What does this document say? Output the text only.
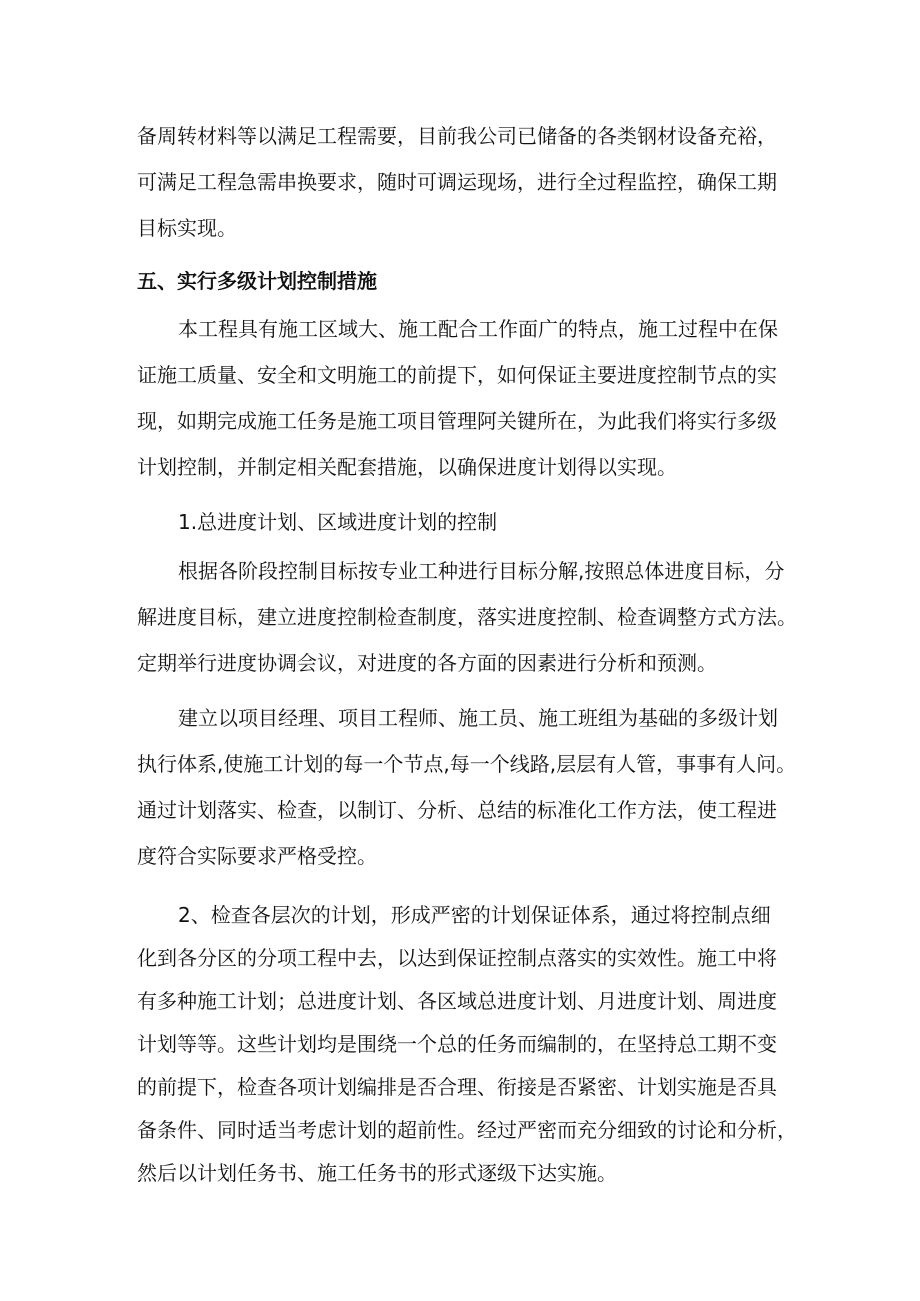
备周转材料等以满足工程需要，目前我公司已储备的各类钢材设备充裕，
可满足工程急需串换要求，随时可调运现场，进行全过程监控，确保工期
目标实现。
五、实行多级计划控制措施
本工程具有施工区域大、施工配合工作面广的特点，施工过程中在保
证施工质量、安全和文明施工的前提下，如何保证主要进度控制节点的实
现，如期完成施工任务是施工项目管理阿关键所在，为此我们将实行多级
计划控制，并制定相关配套措施，以确保进度计划得以实现。
1.总进度计划、区域进度计划的控制
根据各阶段控制目标按专业工种进行目标分解,按照总体进度目标，分
解进度目标，建立进度控制检查制度，落实进度控制、检查调整方式方法。
定期举行进度协调会议，对进度的各方面的因素进行分析和预测。
建立以项目经理、项目工程师、施工员、施工班组为基础的多级计划
执行体系,使施工计划的每一个节点,每一个线路,层层有人管，事事有人问。
通过计划落实、检查，以制订、分析、总结的标准化工作方法，使工程进
度符合实际要求严格受控。
2、检查各层次的计划，形成严密的计划保证体系，通过将控制点细
化到各分区的分项工程中去，以达到保证控制点落实的实效性。施工中将
有多种施工计划；总进度计划、各区域总进度计划、月进度计划、周进度
计划等等。这些计划均是围绕一个总的任务而编制的，在坚持总工期不变
的前提下，检查各项计划编排是否合理、衔接是否紧密、计划实施是否具
备条件、同时适当考虑计划的超前性。经过严密而充分细致的讨论和分析，
然后以计划任务书、施工任务书的形式逐级下达实施。
